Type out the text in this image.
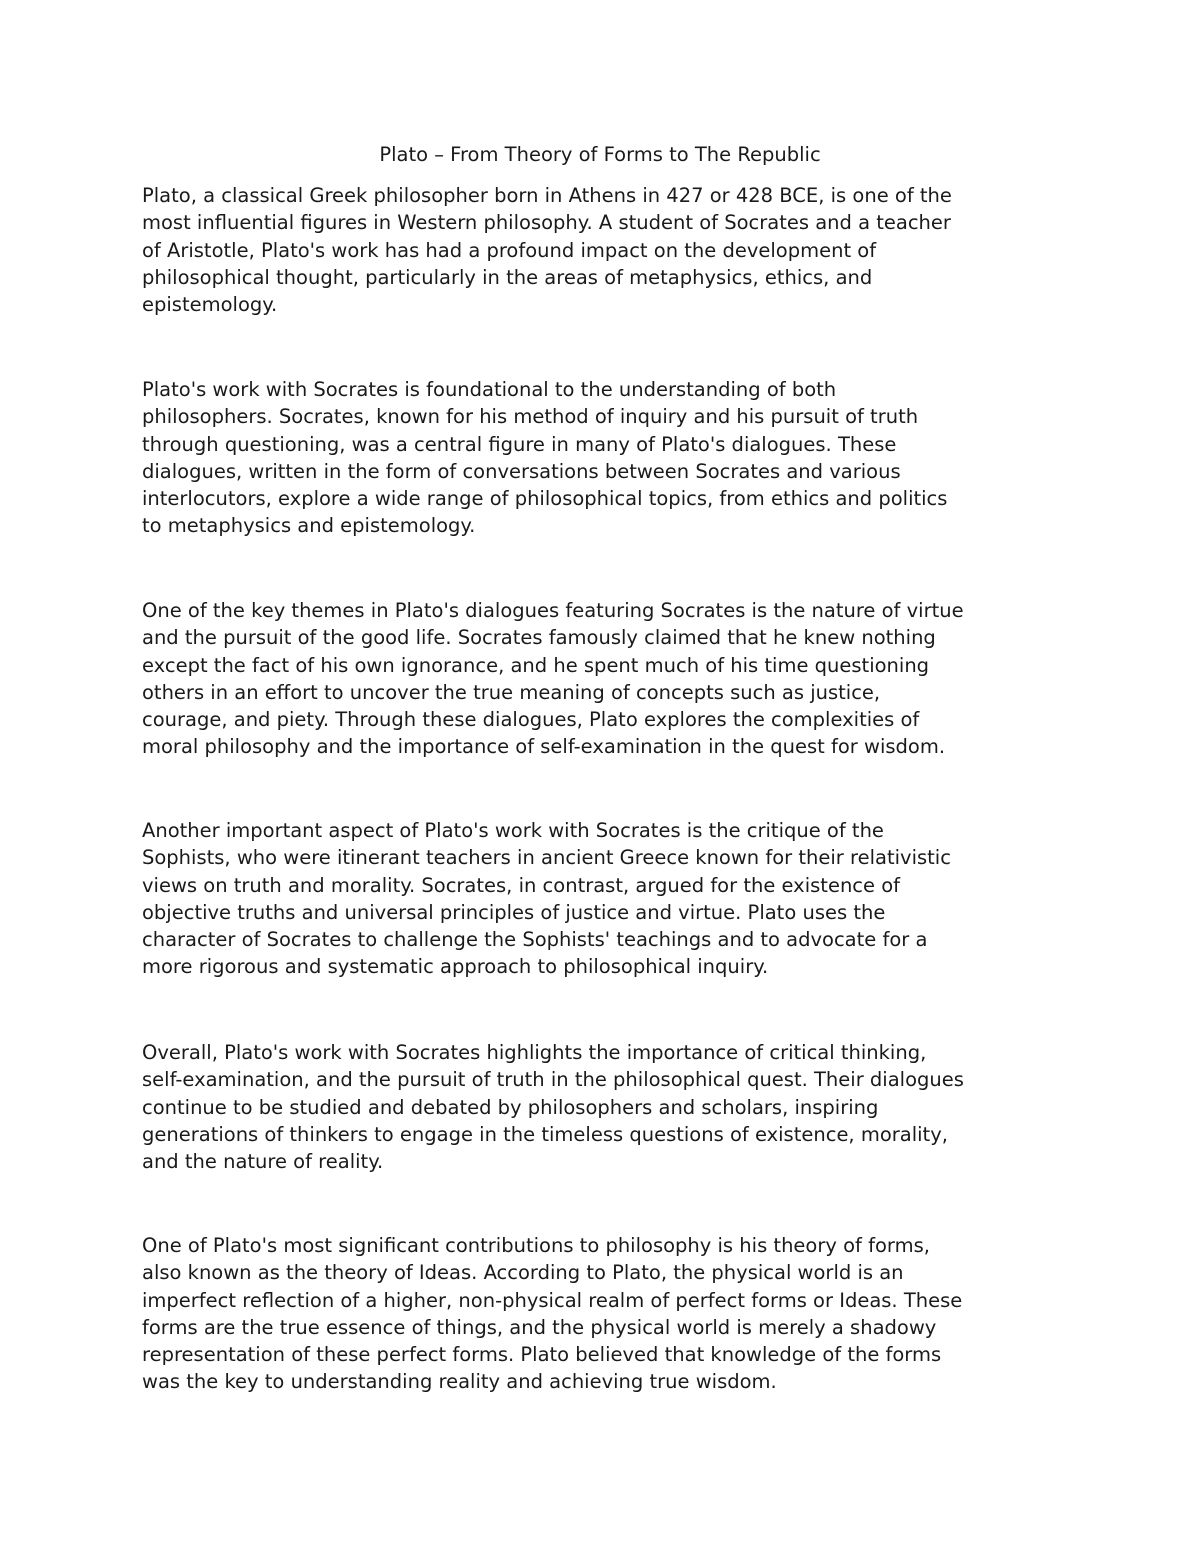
Plato – From Theory of Forms to The Republic

Plato, a classical Greek philosopher born in Athens in 427 or 428 BCE, is one of the
most influential figures in Western philosophy. A student of Socrates and a teacher
of Aristotle, Plato's work has had a profound impact on the development of
philosophical thought, particularly in the areas of metaphysics, ethics, and
epistemology.

Plato's work with Socrates is foundational to the understanding of both
philosophers. Socrates, known for his method of inquiry and his pursuit of truth
through questioning, was a central figure in many of Plato's dialogues. These
dialogues, written in the form of conversations between Socrates and various
interlocutors, explore a wide range of philosophical topics, from ethics and politics
to metaphysics and epistemology.

One of the key themes in Plato's dialogues featuring Socrates is the nature of virtue
and the pursuit of the good life. Socrates famously claimed that he knew nothing
except the fact of his own ignorance, and he spent much of his time questioning
others in an effort to uncover the true meaning of concepts such as justice,
courage, and piety. Through these dialogues, Plato explores the complexities of
moral philosophy and the importance of self-examination in the quest for wisdom.

Another important aspect of Plato's work with Socrates is the critique of the
Sophists, who were itinerant teachers in ancient Greece known for their relativistic
views on truth and morality. Socrates, in contrast, argued for the existence of
objective truths and universal principles of justice and virtue. Plato uses the
character of Socrates to challenge the Sophists' teachings and to advocate for a
more rigorous and systematic approach to philosophical inquiry.

Overall, Plato's work with Socrates highlights the importance of critical thinking,
self-examination, and the pursuit of truth in the philosophical quest. Their dialogues
continue to be studied and debated by philosophers and scholars, inspiring
generations of thinkers to engage in the timeless questions of existence, morality,
and the nature of reality.

One of Plato's most significant contributions to philosophy is his theory of forms,
also known as the theory of Ideas. According to Plato, the physical world is an
imperfect reflection of a higher, non-physical realm of perfect forms or Ideas. These
forms are the true essence of things, and the physical world is merely a shadowy
representation of these perfect forms. Plato believed that knowledge of the forms
was the key to understanding reality and achieving true wisdom.
